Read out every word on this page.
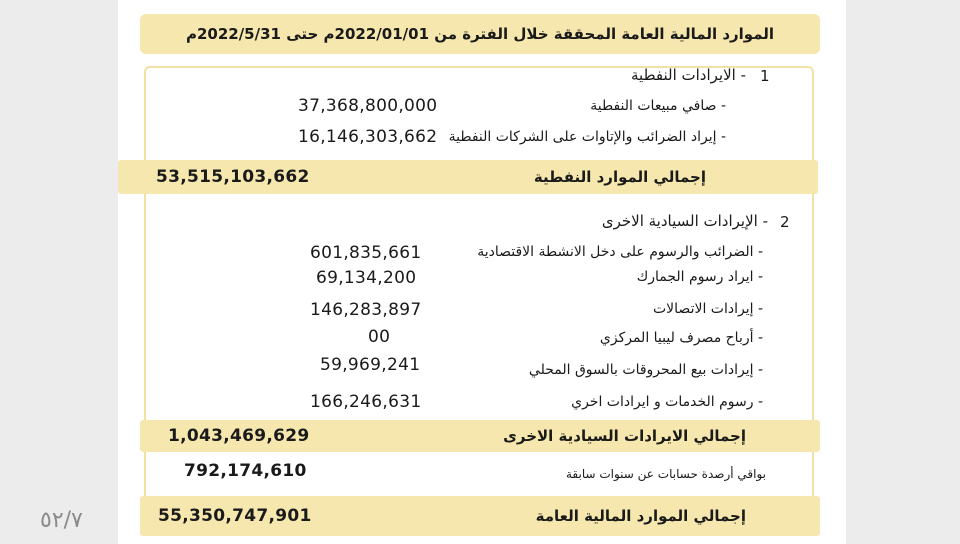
الموارد المالية العامة المحققة خلال الفترة من 2022/01/01م حتى 2022/5/31م
1
- الايرادات النفطية
- صافي مبيعات النفطية
37,368,800,000
- إيراد الضرائب والإتاوات على الشركات النفطية
16,146,303,662
إجمالي الموارد النفطية
53,515,103,662
2
- الإيرادات السيادية الاخرى
- الضرائب والرسوم على دخل الانشطة الاقتصادية
601,835,661
- ايراد رسوم الجمارك
69,134,200
- إيرادات الاتصالات
146,283,897
- أرباح مصرف ليبيا المركزي
00
- إيرادات بيع المحروقات بالسوق المحلي
59,969,241
- رسوم الخدمات و ايرادات اخري
166,246,631
إجمالي الايرادات السيادية الاخرى
1,043,469,629
بواقي أرصدة حسابات عن سنوات سابقة
792,174,610
إجمالي الموارد المالية العامة
55,350,747,901
٥٢/٧
